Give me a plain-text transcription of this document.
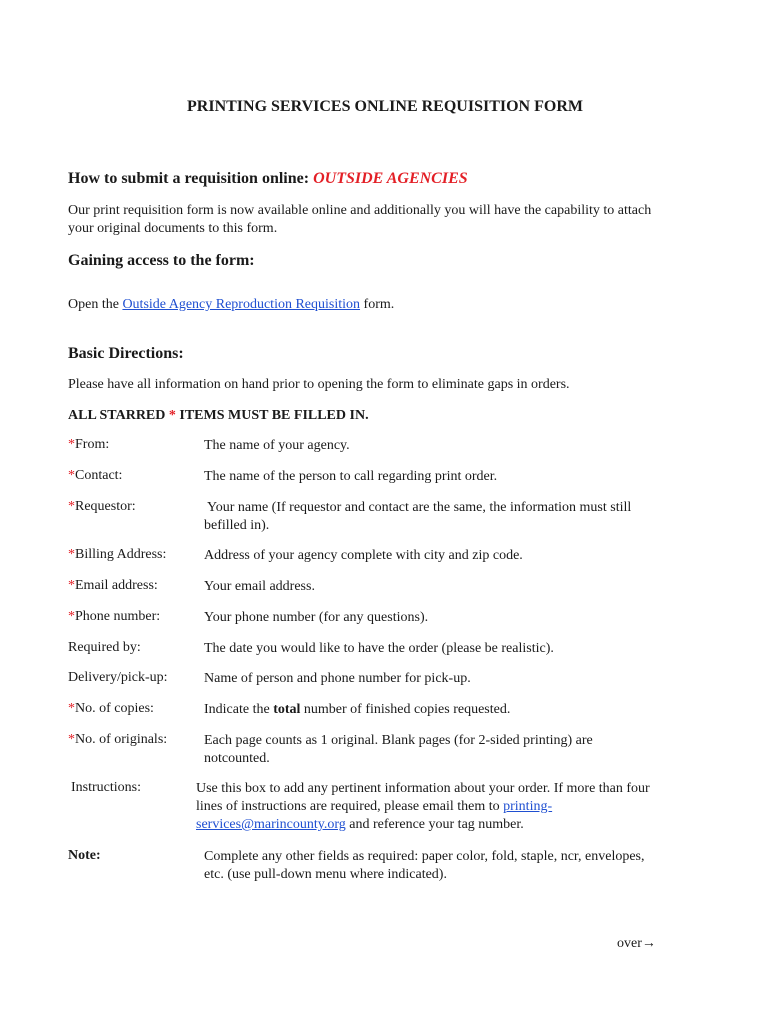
PRINTING SERVICES ONLINE REQUISITION FORM
How to submit a requisition online: OUTSIDE AGENCIES
Our print requisition form is now available online and additionally you will have the capability to attach
your original documents to this form.
Gaining access to the form:
Open the Outside Agency Reproduction Requisition form.
Basic Directions:
Please have all information on hand prior to opening the form to eliminate gaps in orders.
ALL STARRED * ITEMS MUST BE FILLED IN.
*From:	The name of your agency.
*Contact:	The name of the person to call regarding print order.
*Requestor:	Your name (If requestor and contact are the same, the information must still
befilled in).
*Billing Address:	Address of your agency complete with city and zip code.
*Email address:	Your email address.
*Phone number:	Your phone number (for any questions).
Required by:	The date you would like to have the order (please be realistic).
Delivery/pick-up:	Name of person and phone number for pick-up.
*No. of copies:	Indicate the total number of finished copies requested.
*No. of originals:	Each page counts as 1 original. Blank pages (for 2-sided printing) are
notcounted.
Instructions:	Use this box to add any pertinent information about your order. If more than four
lines of instructions are required, please email them to printing-
services@marincounty.org and reference your tag number.
Note:	Complete any other fields as required: paper color, fold, staple, ncr, envelopes,
etc. (use pull-down menu where indicated).
over→
